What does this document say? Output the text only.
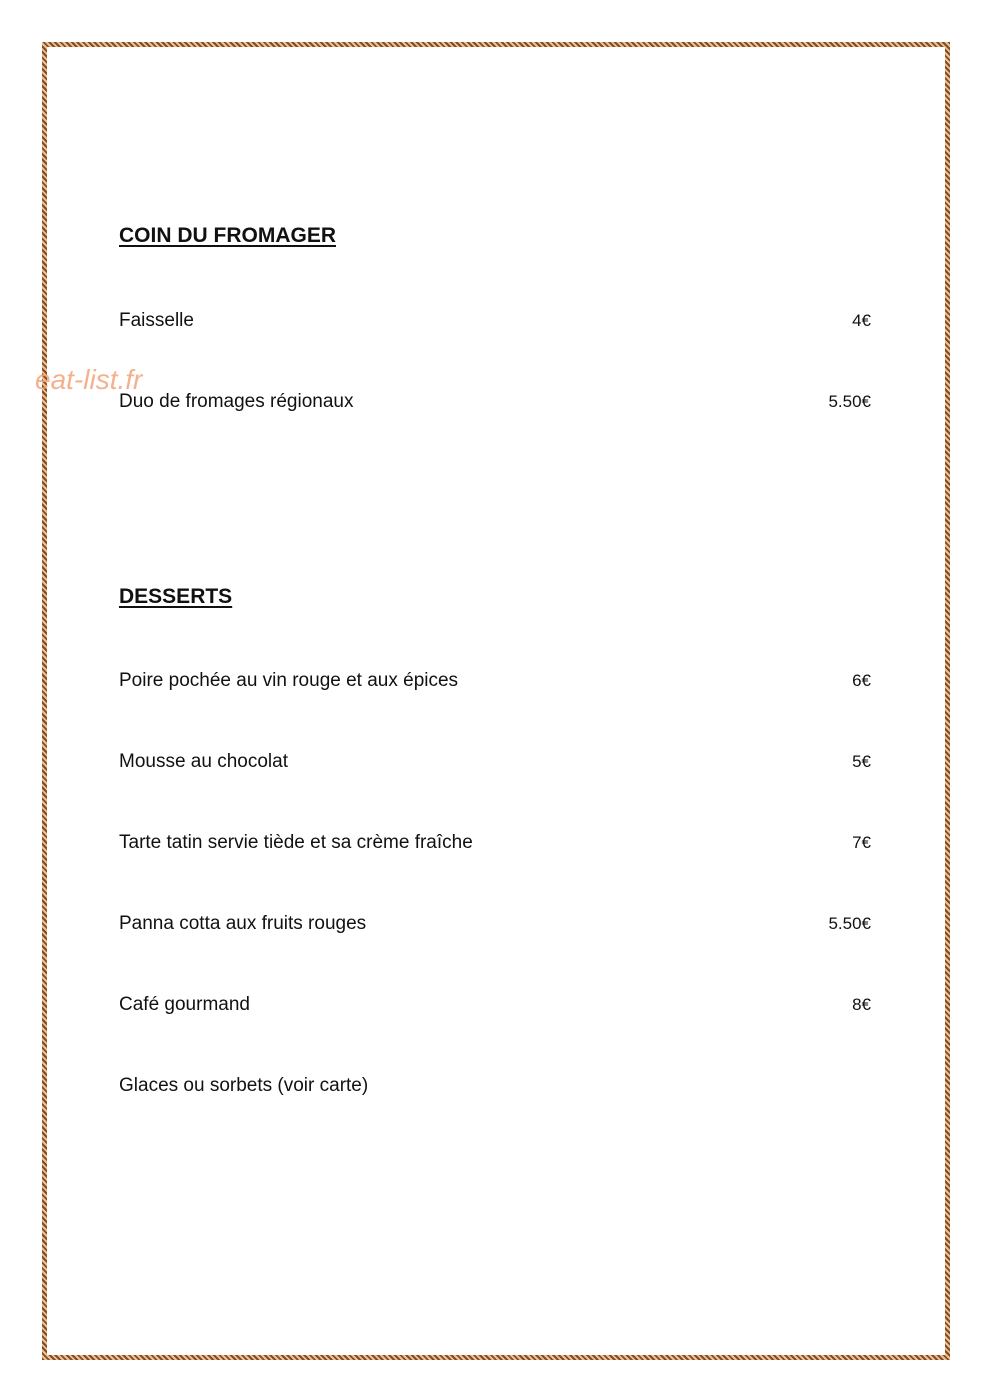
COIN DU FROMAGER
Faisselle	4€
Duo de fromages régionaux	5.50€
DESSERTS
Poire pochée au vin rouge et aux épices	6€
Mousse au chocolat	5€
Tarte tatin servie tiède et sa crème fraîche	7€
Panna cotta aux fruits rouges	5.50€
Café gourmand	8€
Glaces ou sorbets (voir carte)
eat-list.fr
